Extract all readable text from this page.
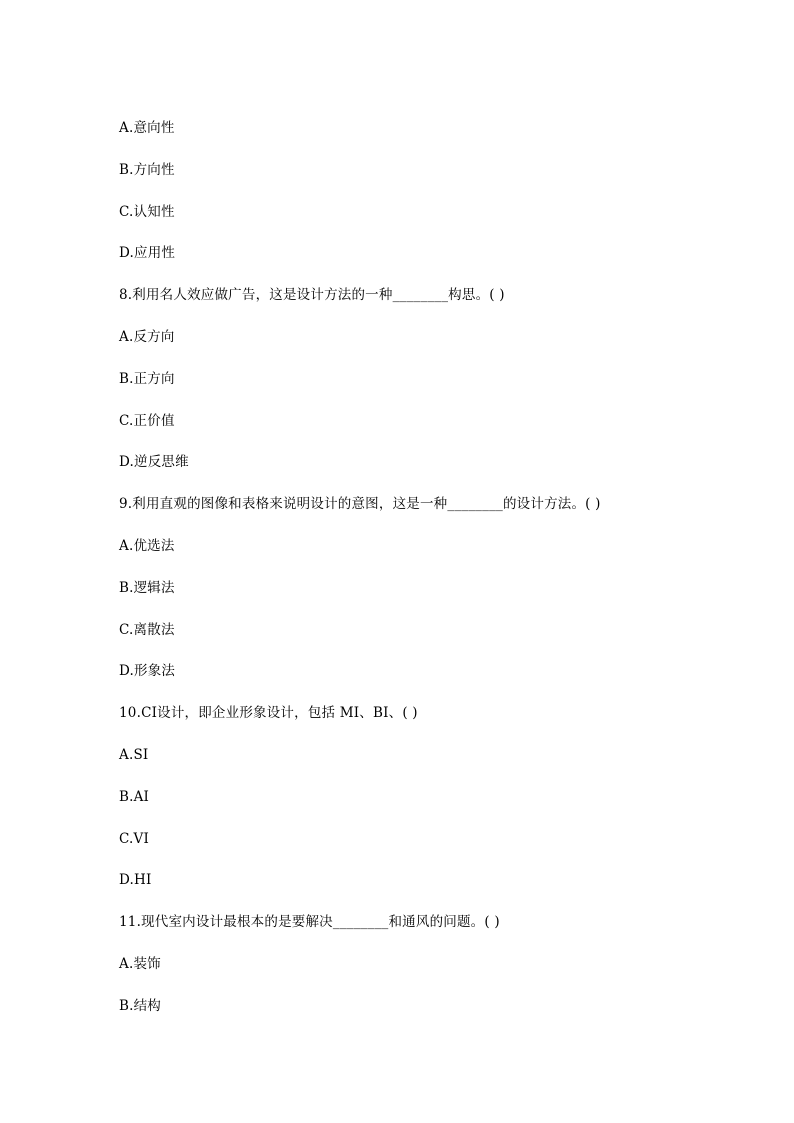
A.意向性
B.方向性
C.认知性
D.应用性
8.利用名人效应做广告，这是设计方法的一种________构思。( )
A.反方向
B.正方向
C.正价值
D.逆反思维
9.利用直观的图像和表格来说明设计的意图，这是一种________的设计方法。( )
A.优选法
B.逻辑法
C.离散法
D.形象法
10.CI设计，即企业形象设计，包括 MI、BI、( )
A.SI
B.AI
C.VI
D.HI
11.现代室内设计最根本的是要解决________和通风的问题。( )
A.装饰
B.结构
